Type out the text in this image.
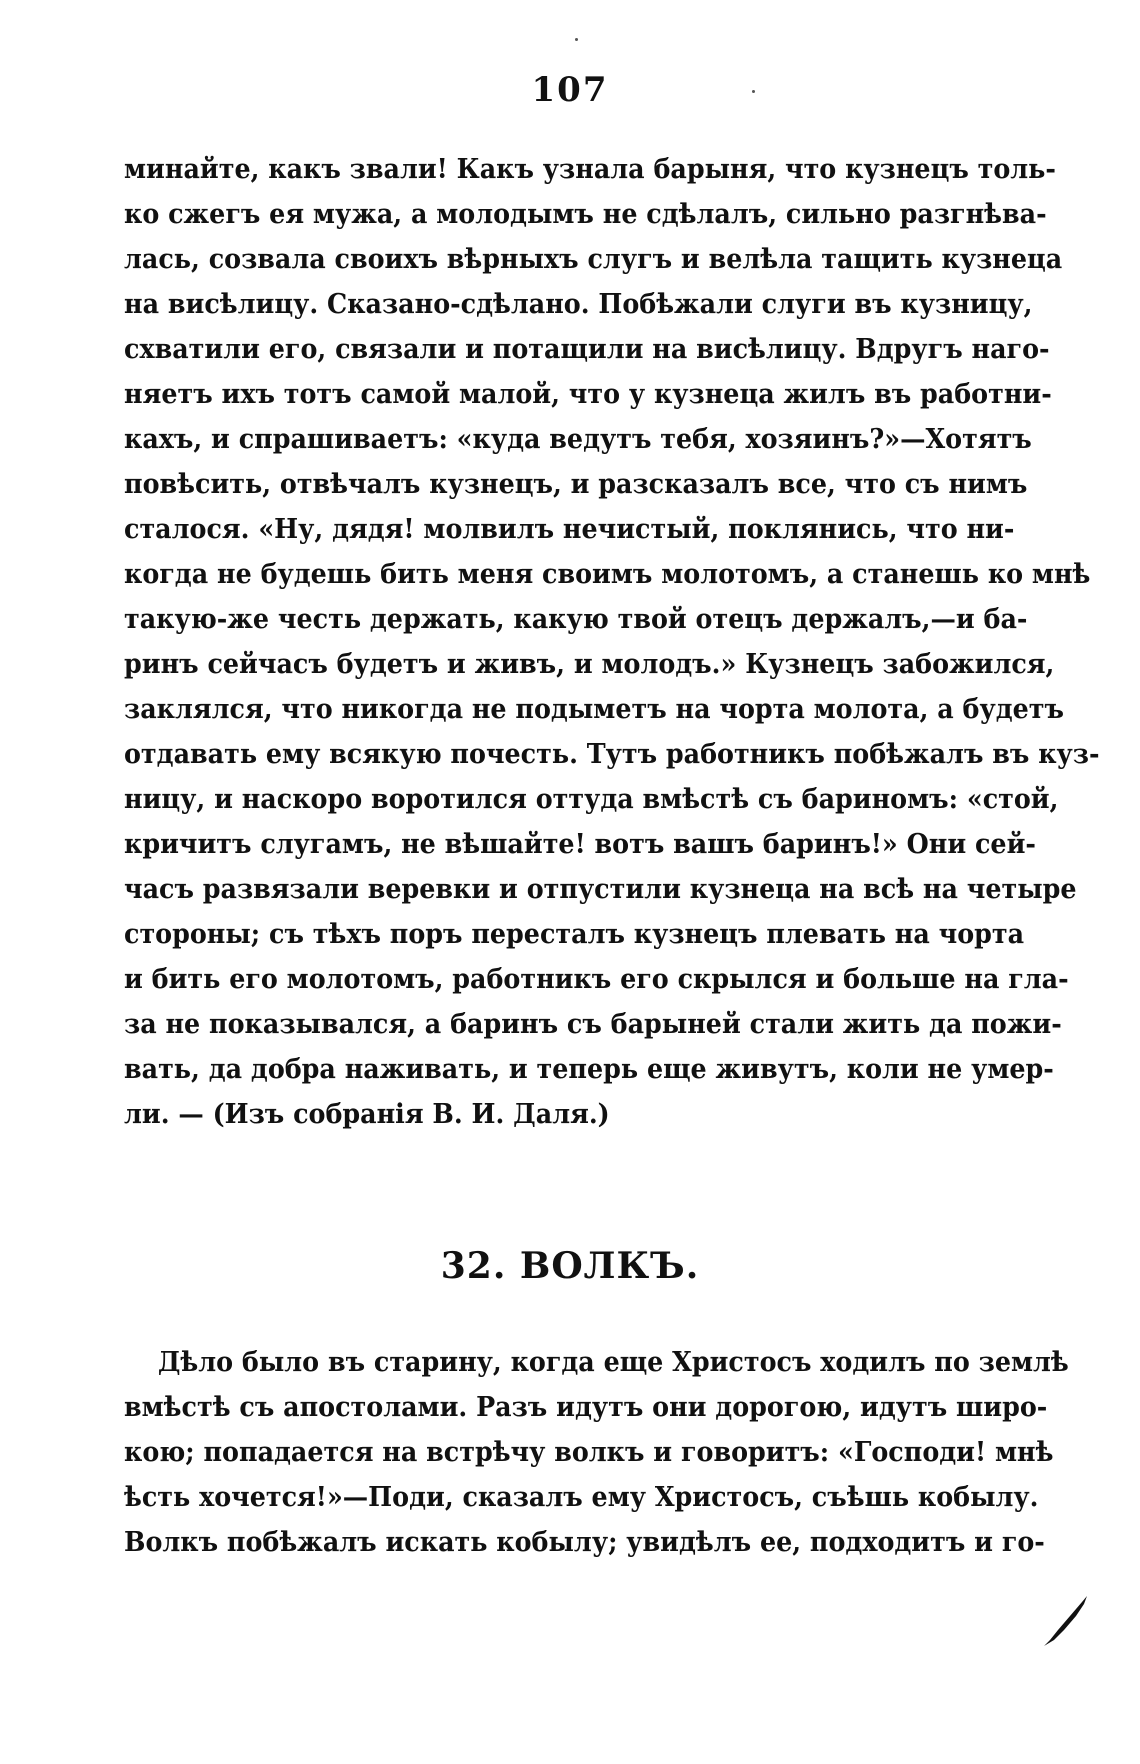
107
минайте, какъ звали! Какъ узнала барыня, что кузнецъ толь-
ко сжегъ ея мужа, а молодымъ не сдѣлалъ, сильно разгнѣва-
лась, созвала своихъ вѣрныхъ слугъ и велѣла тащить кузнеца
на висѣлицу. Сказано-сдѣлано. Побѣжали слуги въ кузницу,
схватили его, связали и потащили на висѣлицу. Вдругъ наго-
няетъ ихъ тотъ самой малой, что у кузнеца жилъ въ работни-
кахъ, и спрашиваетъ: «куда ведутъ тебя, хозяинъ?»—Хотятъ
повѣсить, отвѣчалъ кузнецъ, и разсказалъ все, что съ нимъ
сталося. «Ну, дядя! молвилъ нечистый, поклянись, что ни-
когда не будешь бить меня своимъ молотомъ, а станешь ко мнѣ
такую-же честь держать, какую твой отецъ держалъ,—и ба-
ринъ сейчасъ будетъ и живъ, и молодъ.» Кузнецъ забожился,
заклялся, что никогда не подыметъ на чорта молота, а будетъ
отдавать ему всякую почесть. Тутъ работникъ побѣжалъ въ куз-
ницу, и наскоро воротился оттуда вмѣстѣ съ бариномъ: «стой,
кричитъ слугамъ, не вѣшайте! вотъ вашъ баринъ!» Они сей-
часъ развязали веревки и отпустили кузнеца на всѣ на четыре
стороны; съ тѣхъ поръ пересталъ кузнецъ плевать на чорта
и бить его молотомъ, работникъ его скрылся и больше на гла-
за не показывался, а баринъ съ барыней стали жить да пожи-
вать, да добра наживать, и теперь еще живутъ, коли не умер-
ли. — (Изъ собранія В. И. Даля.)
32. ВОЛКЪ.
Дѣло было въ старину, когда еще Христосъ ходилъ по землѣ
вмѣстѣ съ апостолами. Разъ идутъ они дорогою, идутъ широ-
кою; попадается на встрѣчу волкъ и говоритъ: «Господи! мнѣ
ѣсть хочется!»—Поди, сказалъ ему Христосъ, съѣшь кобылу.
Волкъ побѣжалъ искать кобылу; увидѣлъ ее, подходитъ и го-
